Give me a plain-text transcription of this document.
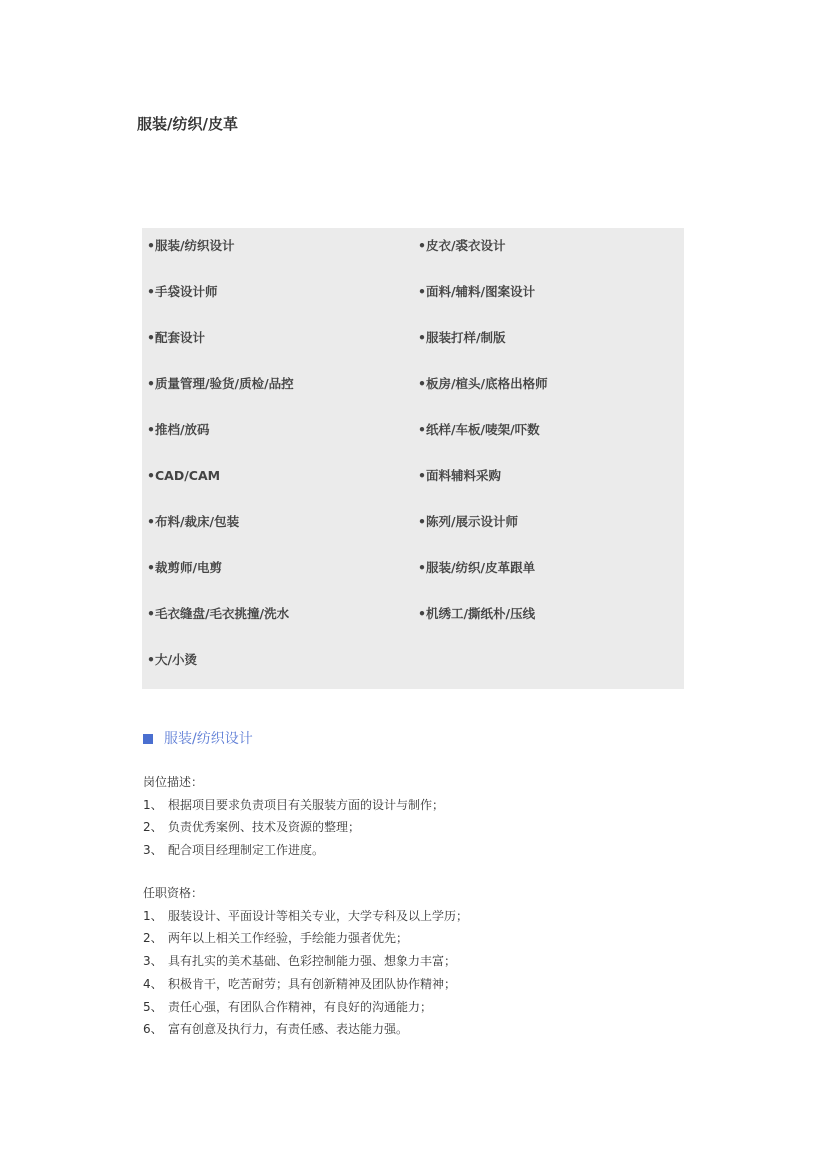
服装/纺织/皮革
•服装/纺织设计	•皮衣/裘衣设计
•手袋设计师	•面料/辅料/图案设计
•配套设计	•服装打样/制版
•质量管理/验货/质检/品控	•板房/楦头/底格出格师
•推档/放码	•纸样/车板/唛架/吓数
•CAD/CAM	•面料辅料采购
•布料/裁床/包装	•陈列/展示设计师
•裁剪师/电剪	•服装/纺织/皮革跟单
•毛衣缝盘/毛衣挑撞/洗水	•机绣工/撕纸朴/压线
•大/小烫
服装/纺织设计
岗位描述：
1、 根据项目要求负责项目有关服装方面的设计与制作；
2、 负责优秀案例、技术及资源的整理；
3、 配合项目经理制定工作进度。
任职资格：
1、 服装设计、平面设计等相关专业，大学专科及以上学历；
2、 两年以上相关工作经验，手绘能力强者优先；
3、 具有扎实的美术基础、色彩控制能力强、想象力丰富；
4、 积极肯干，吃苦耐劳；具有创新精神及团队协作精神；
5、 责任心强，有团队合作精神，有良好的沟通能力；
6、 富有创意及执行力，有责任感、表达能力强。
